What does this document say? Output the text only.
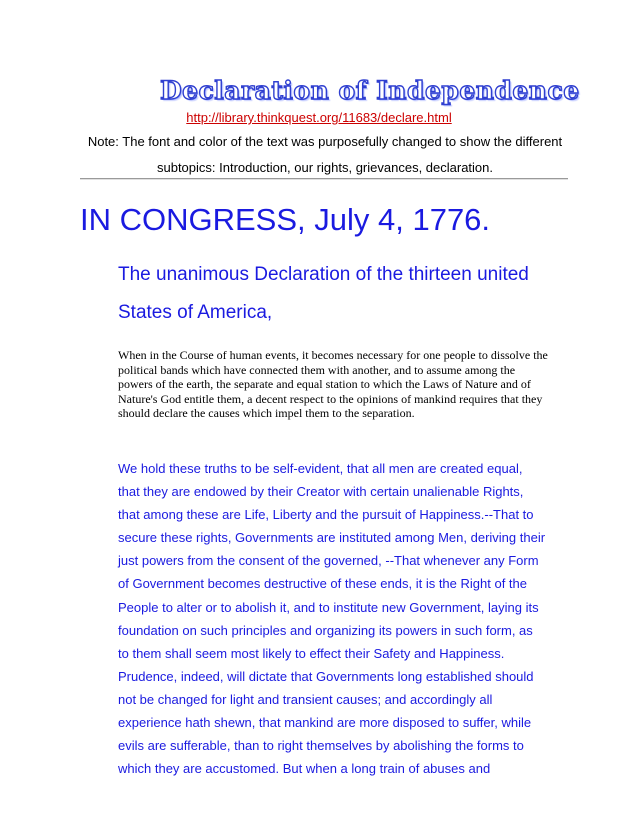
Declaration of Independence
http://library.thinkquest.org/11683/declare.html
Note: The font and color of the text was purposefully changed to show the different subtopics: Introduction, our rights, grievances, declaration.
IN CONGRESS, July 4, 1776.
The unanimous Declaration of the thirteen united States of America,
When in the Course of human events, it becomes necessary for one people to dissolve the political bands which have connected them with another, and to assume among the powers of the earth, the separate and equal station to which the Laws of Nature and of Nature's God entitle them, a decent respect to the opinions of mankind requires that they should declare the causes which impel them to the separation.
We hold these truths to be self-evident, that all men are created equal,
that they are endowed by their Creator with certain unalienable Rights,
that among these are Life, Liberty and the pursuit of Happiness.--That to
secure these rights, Governments are instituted among Men, deriving their
just powers from the consent of the governed, --That whenever any Form
of Government becomes destructive of these ends, it is the Right of the
People to alter or to abolish it, and to institute new Government, laying its
foundation on such principles and organizing its powers in such form, as
to them shall seem most likely to effect their Safety and Happiness.
Prudence, indeed, will dictate that Governments long established should
not be changed for light and transient causes; and accordingly all
experience hath shewn, that mankind are more disposed to suffer, while
evils are sufferable, than to right themselves by abolishing the forms to
which they are accustomed. But when a long train of abuses and
